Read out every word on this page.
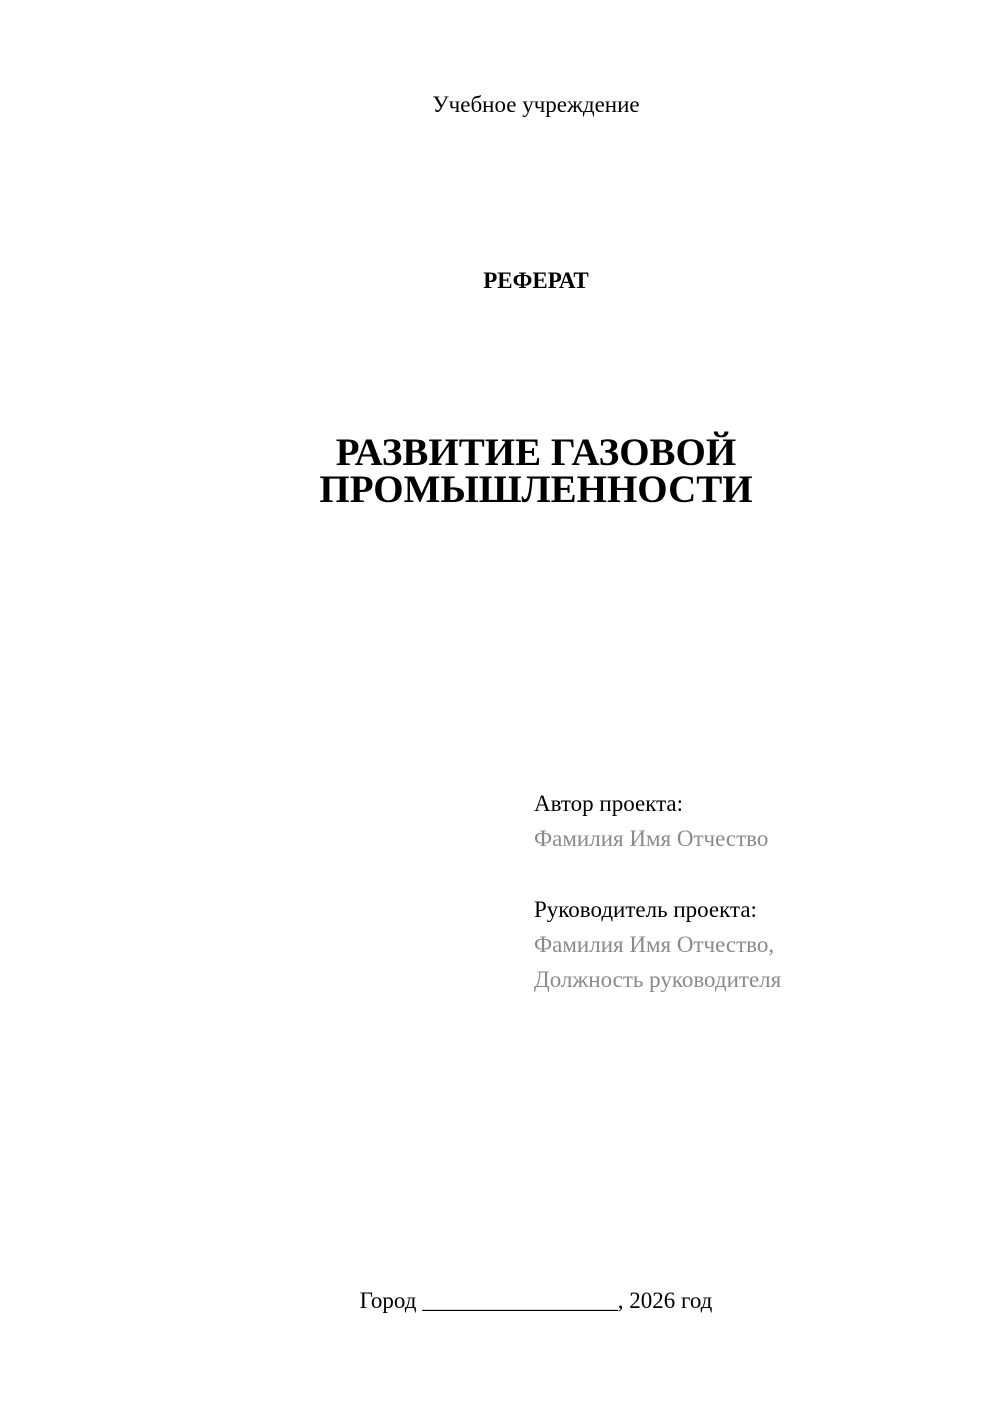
Учебное учреждение
РЕФЕРАТ
РАЗВИТИЕ ГАЗОВОЙ
ПРОМЫШЛЕННОСТИ
Автор проекта:
Фамилия Имя Отчество
Руководитель проекта:
Фамилия Имя Отчество,
Должность руководителя
Город _________________, 2026 год
